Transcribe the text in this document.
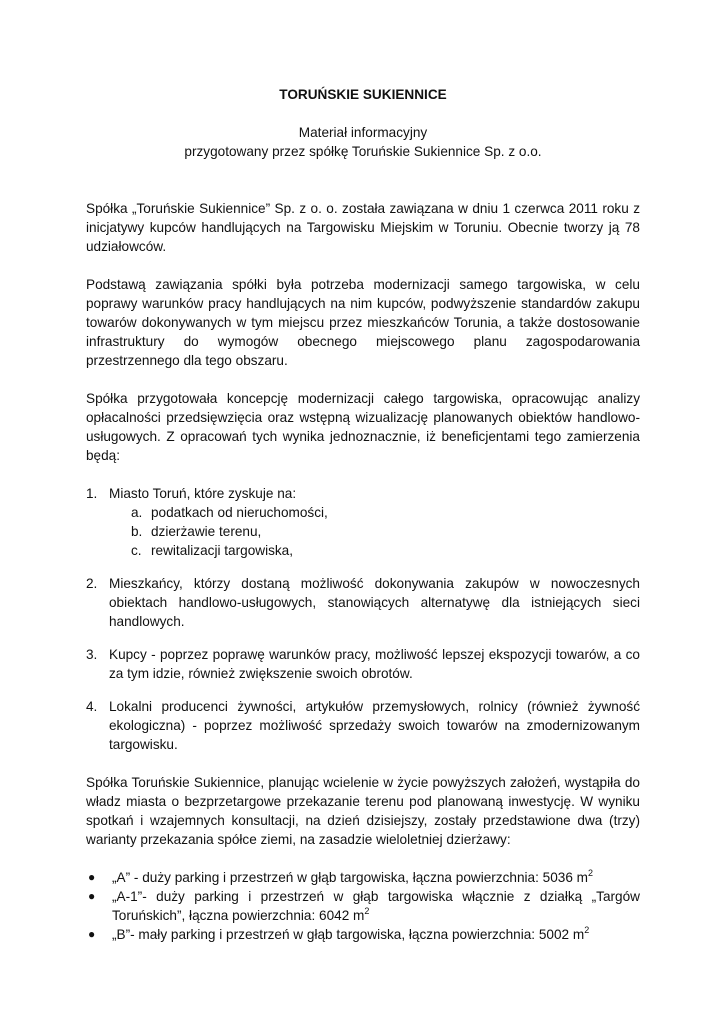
TORUŃSKIE SUKIENNICE

Materiał informacyjny
przygotowany przez spółkę Toruńskie Sukiennice Sp. z o.o.

Spółka „Toruńskie Sukiennice” Sp. z o. o. została zawiązana w dniu 1 czerwca 2011 roku z inicjatywy kupców handlujących na Targowisku Miejskim w Toruniu. Obecnie tworzy ją 78 udziałowców.

Podstawą zawiązania spółki była potrzeba modernizacji samego targowiska, w celu poprawy warunków pracy handlujących na nim kupców, podwyższenie standardów zakupu towarów dokonywanych w tym miejscu przez mieszkańców Torunia, a także dostosowanie infrastruktury do wymogów obecnego miejscowego planu zagospodarowania przestrzennego dla tego obszaru.

Spółka przygotowała koncepcję modernizacji całego targowiska, opracowując analizy opłacalności przedsięwzięcia oraz wstępną wizualizację planowanych obiektów handlowo-usługowych. Z opracowań tych wynika jednoznacznie, iż beneficjentami tego zamierzenia będą:

1. Miasto Toruń, które zyskuje na:
a. podatkach od nieruchomości,
b. dzierżawie terenu,
c. rewitalizacji targowiska,
2. Mieszkańcy, którzy dostaną możliwość dokonywania zakupów w nowoczesnych obiektach handlowo-usługowych, stanowiących alternatywę dla istniejących sieci handlowych.
3. Kupcy - poprzez poprawę warunków pracy, możliwość lepszej ekspozycji towarów, a co za tym idzie, również zwiększenie swoich obrotów.
4. Lokalni producenci żywności, artykułów przemysłowych, rolnicy (również żywność ekologiczna) - poprzez możliwość sprzedaży swoich towarów na zmodernizowanym targowisku.

Spółka Toruńskie Sukiennice, planując wcielenie w życie powyższych założeń, wystąpiła do władz miasta o bezprzetargowe przekazanie terenu pod planowaną inwestycję. W wyniku spotkań i wzajemnych konsultacji, na dzień dzisiejszy, zostały przedstawione dwa (trzy) warianty przekazania spółce ziemi, na zasadzie wieloletniej dzierżawy:

● „A” - duży parking i przestrzeń w głąb targowiska, łączna powierzchnia: 5036 $m^2$
● „A-1”- duży parking i przestrzeń w głąb targowiska włącznie z działką „Targów Toruńskich”, łączna powierzchnia: 6042 $m^2$
● „B”- mały parking i przestrzeń w głąb targowiska, łączna powierzchnia: 5002 $m^2$
